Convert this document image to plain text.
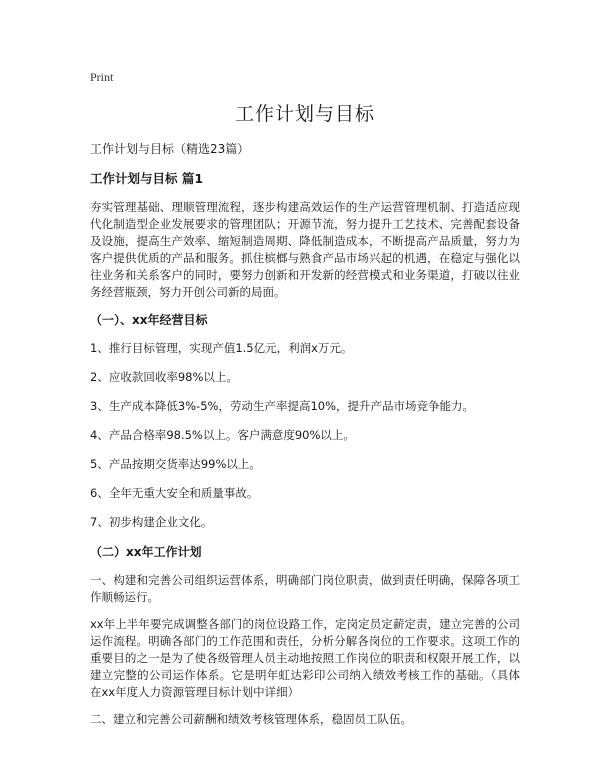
Print
工作计划与目标

工作计划与目标（精选23篇）

工作计划与目标 篇1

夯实管理基础、理顺管理流程，逐步构建高效运作的生产运营管理机制、打造适应现代化制造型企业发展要求的管理团队；开源节流，努力提升工艺技术、完善配套设备及设施，提高生产效率、缩短制造周期、降低制造成本，不断提高产品质量，努力为客户提供优质的产品和服务。抓住槟榔与熟食产品市场兴起的机遇，在稳定与强化以往业务和关系客户的同时，要努力创新和开发新的经营模式和业务渠道，打破以往业务经营瓶颈，努力开创公司新的局面。

（一）、xx年经营目标

1、推行目标管理，实现产值1.5亿元，利润x万元。

2、应收款回收率98%以上。

3、生产成本降低3%-5%，劳动生产率提高10%，提升产品市场竞争能力。

4、产品合格率98.5%以上。客户满意度90%以上。

5、产品按期交货率达99%以上。

6、全年无重大安全和质量事故。

7、初步构建企业文化。

（二）xx年工作计划

一、构建和完善公司组织运营体系，明确部门岗位职责，做到责任明确，保障各项工作顺畅运行。

xx年上半年要完成调整各部门的岗位设路工作，定岗定员定薪定责，建立完善的公司运作流程。明确各部门的工作范围和责任，分析分解各岗位的工作要求。这项工作的重要目的之一是为了使各级管理人员主动地按照工作岗位的职责和权限开展工作，以建立完整的公司运作体系。它是明年虹达彩印公司纳入绩效考核工作的基础。（具体在xx年度人力资源管理目标计划中详细）

二、建立和完善公司薪酬和绩效考核管理体系，稳固员工队伍。
